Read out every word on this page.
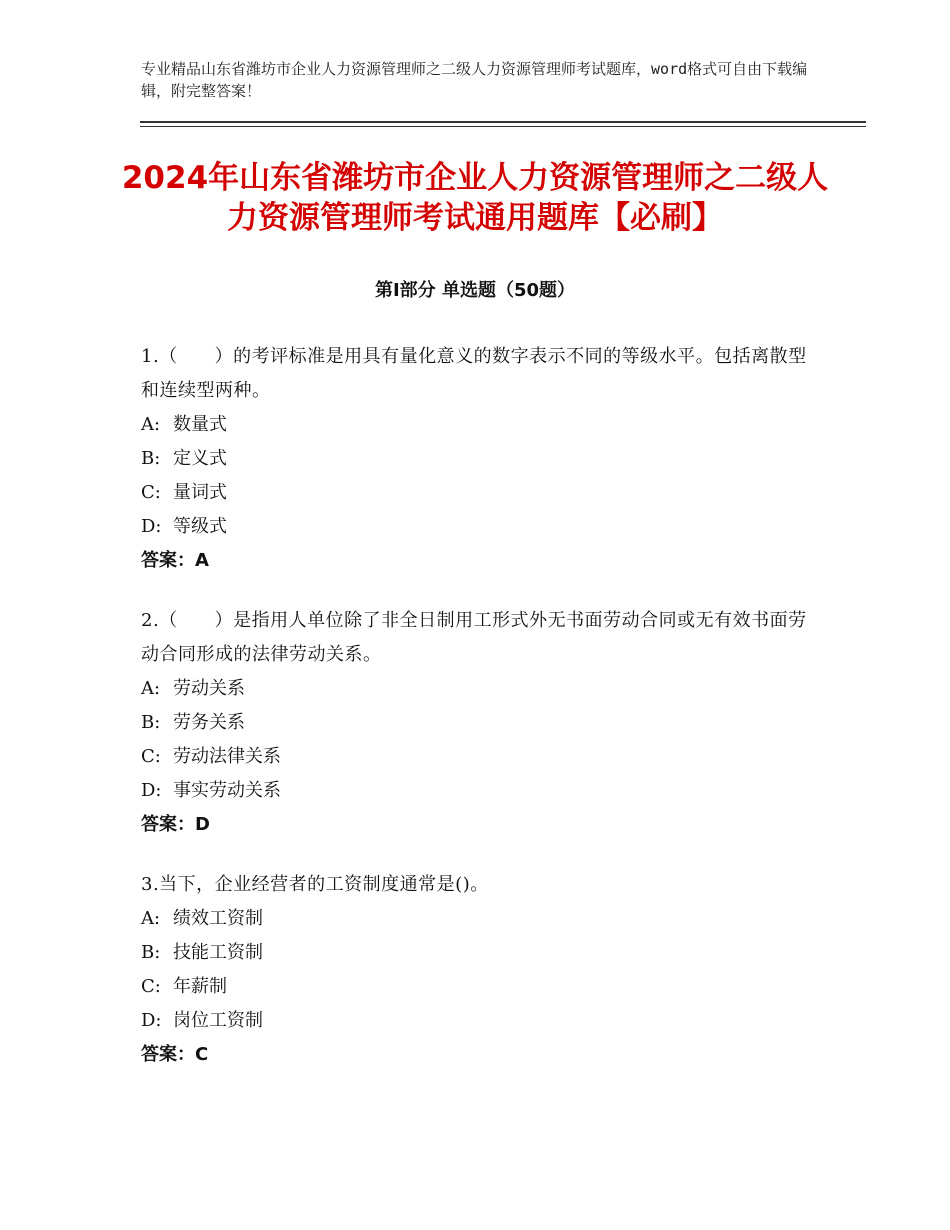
专业精品山东省潍坊市企业人力资源管理师之二级人力资源管理师考试题库，word格式可自由下载编辑，附完整答案！
2024年山东省潍坊市企业人力资源管理师之二级人力资源管理师考试通用题库【必刷】
第Ⅰ部分 单选题（50题）

1.（　　）的考评标准是用具有量化意义的数字表示不同的等级水平。包括离散型和连续型两种。

A: 数量式
B: 定义式
C: 量词式
D: 等级式
答案：A

2.（　　）是指用人单位除了非全日制用工形式外无书面劳动合同或无有效书面劳动合同形成的法律劳动关系。

A: 劳动关系
B: 劳务关系
C: 劳动法律关系
D: 事实劳动关系
答案：D

3.当下，企业经营者的工资制度通常是()。

A: 绩效工资制
B: 技能工资制
C: 年薪制
D: 岗位工资制
答案：C
